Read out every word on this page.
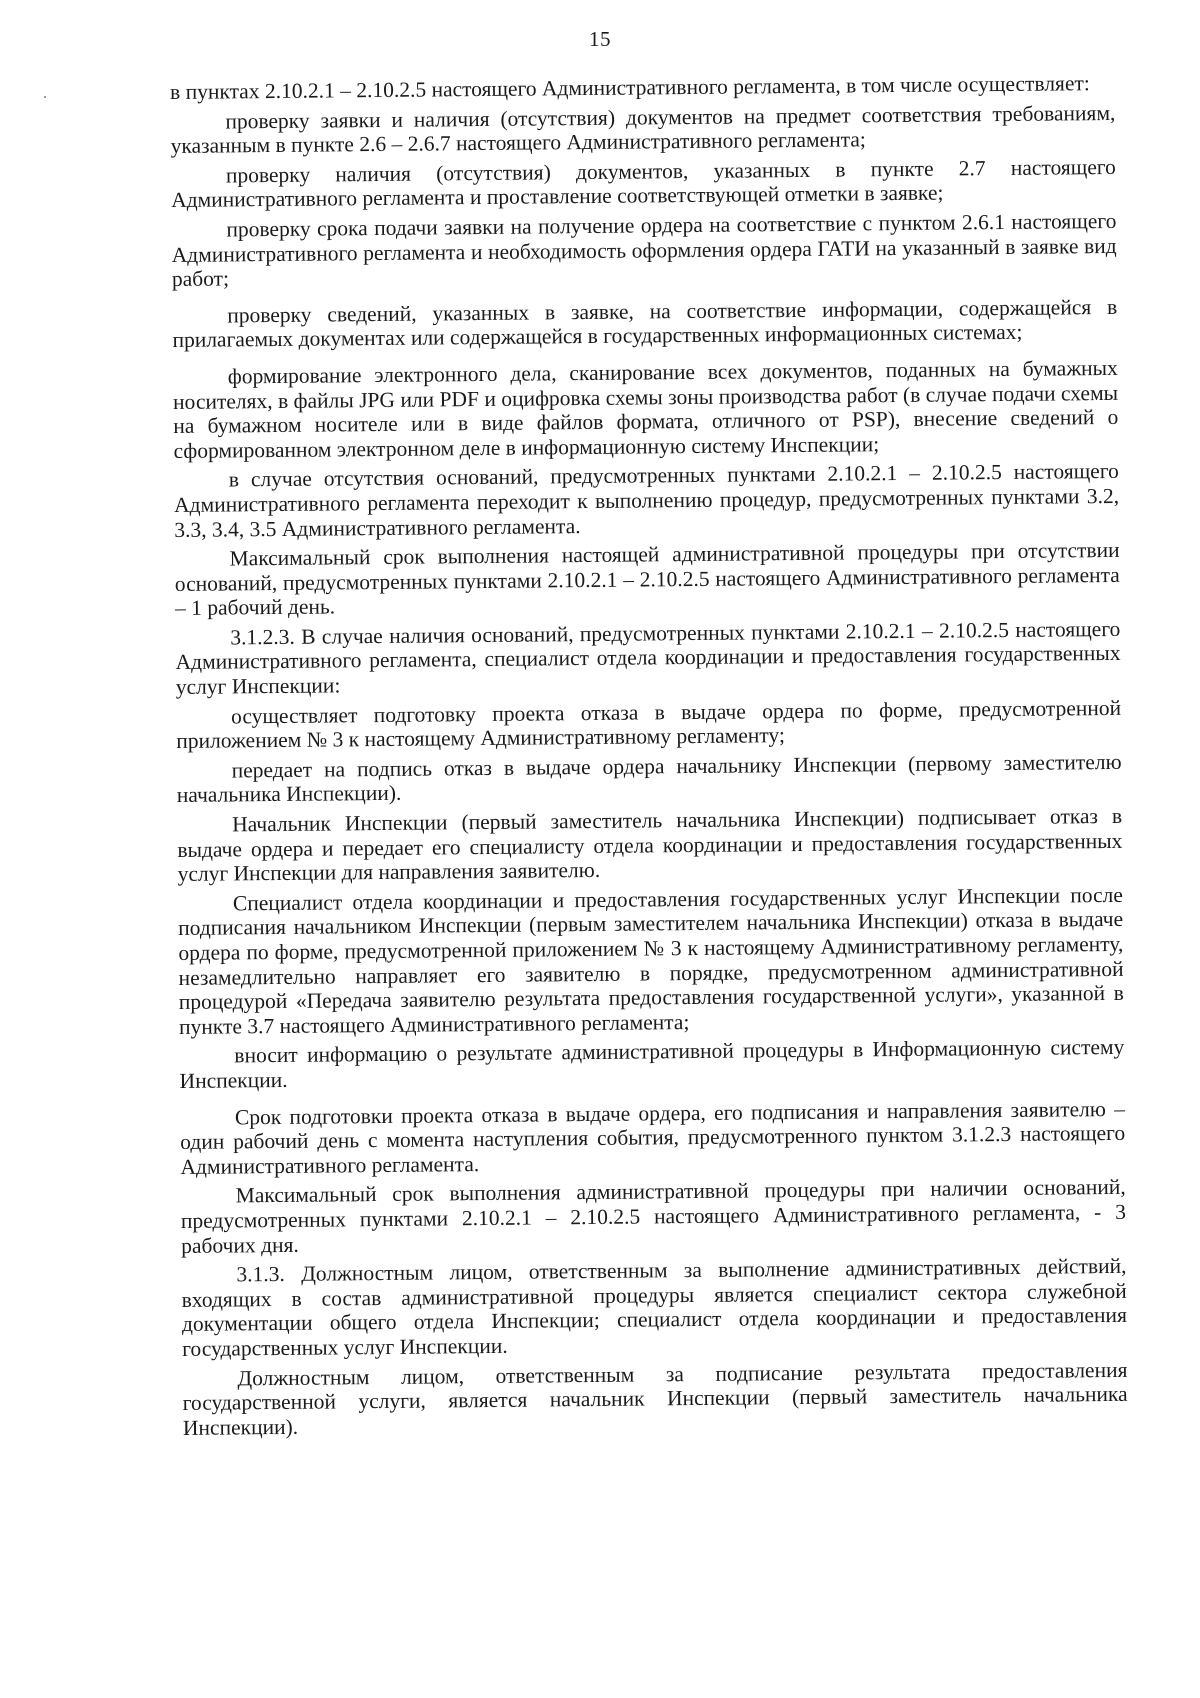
15

в пунктах 2.10.2.1 – 2.10.2.5 настоящего Административного регламента, в том числе осуществляет:

проверку заявки и наличия (отсутствия) документов на предмет соответствия требованиям, указанным в пункте 2.6 – 2.6.7 настоящего Административного регламента;

проверку наличия (отсутствия) документов, указанных в пункте 2.7 настоящего Административного регламента и проставление соответствующей отметки в заявке;

проверку срока подачи заявки на получение ордера на соответствие с пунктом 2.6.1 настоящего Административного регламента и необходимость оформления ордера ГАТИ на указанный в заявке вид работ;

проверку сведений, указанных в заявке, на соответствие информации, содержащейся в прилагаемых документах или содержащейся в государственных информационных системах;

формирование электронного дела, сканирование всех документов, поданных на бумажных носителях, в файлы JPG или PDF и оцифровка схемы зоны производства работ (в случае подачи схемы на бумажном носителе или в виде файлов формата, отличного от PSP), внесение сведений о сформированном электронном деле в информационную систему Инспекции;

в случае отсутствия оснований, предусмотренных пунктами 2.10.2.1 – 2.10.2.5 настоящего Административного регламента переходит к выполнению процедур, предусмотренных пунктами 3.2, 3.3, 3.4, 3.5 Административного регламента.

Максимальный срок выполнения настоящей административной процедуры при отсутствии оснований, предусмотренных пунктами 2.10.2.1 – 2.10.2.5 настоящего Административного регламента – 1 рабочий день.

3.1.2.3. В случае наличия оснований, предусмотренных пунктами 2.10.2.1 – 2.10.2.5 настоящего Административного регламента, специалист отдела координации и предоставления государственных услуг Инспекции:

осуществляет подготовку проекта отказа в выдаче ордера по форме, предусмотренной приложением № 3 к настоящему Административному регламенту;

передает на подпись отказ в выдаче ордера начальнику Инспекции (первому заместителю начальника Инспекции).

Начальник Инспекции (первый заместитель начальника Инспекции) подписывает отказ в выдаче ордера и передает его специалисту отдела координации и предоставления государственных услуг Инспекции для направления заявителю.

Специалист отдела координации и предоставления государственных услуг Инспекции после подписания начальником Инспекции (первым заместителем начальника Инспекции) отказа в выдаче ордера по форме, предусмотренной приложением № 3 к настоящему Административному регламенту, незамедлительно направляет его заявителю в порядке, предусмотренном административной процедурой «Передача заявителю результата предоставления государственной услуги», указанной в пункте 3.7 настоящего Административного регламента;

вносит информацию о результате административной процедуры в Информационную систему Инспекции.

Срок подготовки проекта отказа в выдаче ордера, его подписания и направления заявителю – один рабочий день с момента наступления события, предусмотренного пунктом 3.1.2.3 настоящего Административного регламента.

Максимальный срок выполнения административной процедуры при наличии оснований, предусмотренных пунктами 2.10.2.1 – 2.10.2.5 настоящего Административного регламента, - 3 рабочих дня.

3.1.3. Должностным лицом, ответственным за выполнение административных действий, входящих в состав административной процедуры является специалист сектора служебной документации общего отдела Инспекции; специалист отдела координации и предоставления государственных услуг Инспекции.

Должностным лицом, ответственным за подписание результата предоставления государственной услуги, является начальник Инспекции (первый заместитель начальника Инспекции).
